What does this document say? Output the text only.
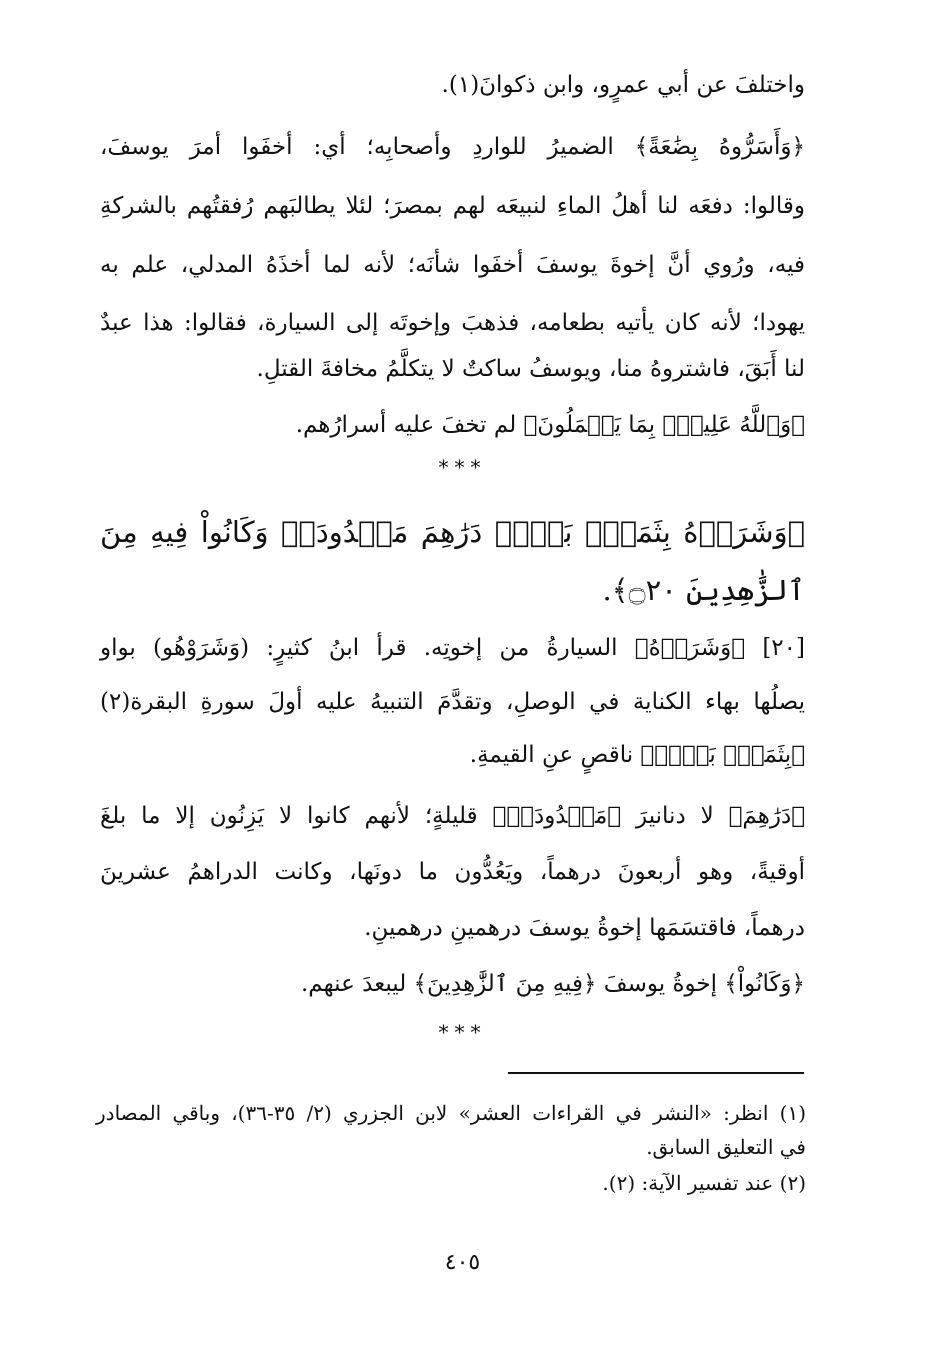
واختلفَ عن أبي عمرٍو، وابن ذكوانَ(١).
﴿وَأَسَرُّوهُ بِضَٰعَةً﴾ الضميرُ للواردِ وأصحابِه؛ أي: أخفَوا أمرَ يوسفَ،
وقالوا: دفعَه لنا أهلُ الماءِ لنبيعَه لهم بمصرَ؛ لئلا يطالبَهم رُفقتُهم بالشركةِ
فيه، ورُوي أنَّ إخوةَ يوسفَ أخفَوا شأنَه؛ لأنه لما أخذَهُ المدلي، علم به
يهودا؛ لأنه كان يأتيه بطعامه، فذهبَ وإخوتَه إلى السيارة، فقالوا: هذا عبدٌ
لنا أَبَقَ، فاشتروهُ منا، ويوسفُ ساكتٌ لا يتكلَّمُ مخافةَ القتلِ.
﴿وَٱللَّهُ عَلِيمٌۢ بِمَا يَعۡمَلُونَ﴾ لم تخفَ عليه أسرارُهم.
***
﴿وَشَرَوۡهُ بِثَمَنِۭ بَخۡسٖ دَرَٰهِمَ مَعۡدُودَةٖ وَكَانُواْ فِيهِ مِنَ
ٱلزَّٰهِدِينَ ۝٢٠﴾.
[٢٠] ﴿وَشَرَوۡهُ﴾ السيارةُ من إخوتِه. قرأ ابنُ كثيرٍ: (وَشَرَوْهُو) بواو
يصلُها بهاء الكناية في الوصلِ، وتقدَّمَ التنبيهُ عليه أولَ سورةِ البقرة(٢)
﴿بِثَمَنِۭ بَخۡسٖ﴾ ناقصٍ عنِ القيمةِ.
﴿دَرَٰهِمَ﴾ لا دنانيرَ ﴿مَعۡدُودَةٖ﴾ قليلةٍ؛ لأنهم كانوا لا يَزِنُون إلا ما بلغَ
أوقيةً، وهو أربعونَ درهماً، ويَعُدُّون ما دونَها، وكانت الدراهمُ عشرينَ
درهماً، فاقتسَمَها إخوةُ يوسفَ درهمينِ درهمينِ.
﴿وَكَانُواْ﴾ إخوةُ يوسفَ ﴿فِيهِ مِنَ ٱلزَّٰهِدِينَ﴾ ليبعدَ عنهم.
***
(١) انظر: «النشر في القراءات العشر» لابن الجزري (٢/ ٣٥-٣٦)، وباقي المصادر
في التعليق السابق.
(٢) عند تفسير الآية: (٢).
٤٠٥
